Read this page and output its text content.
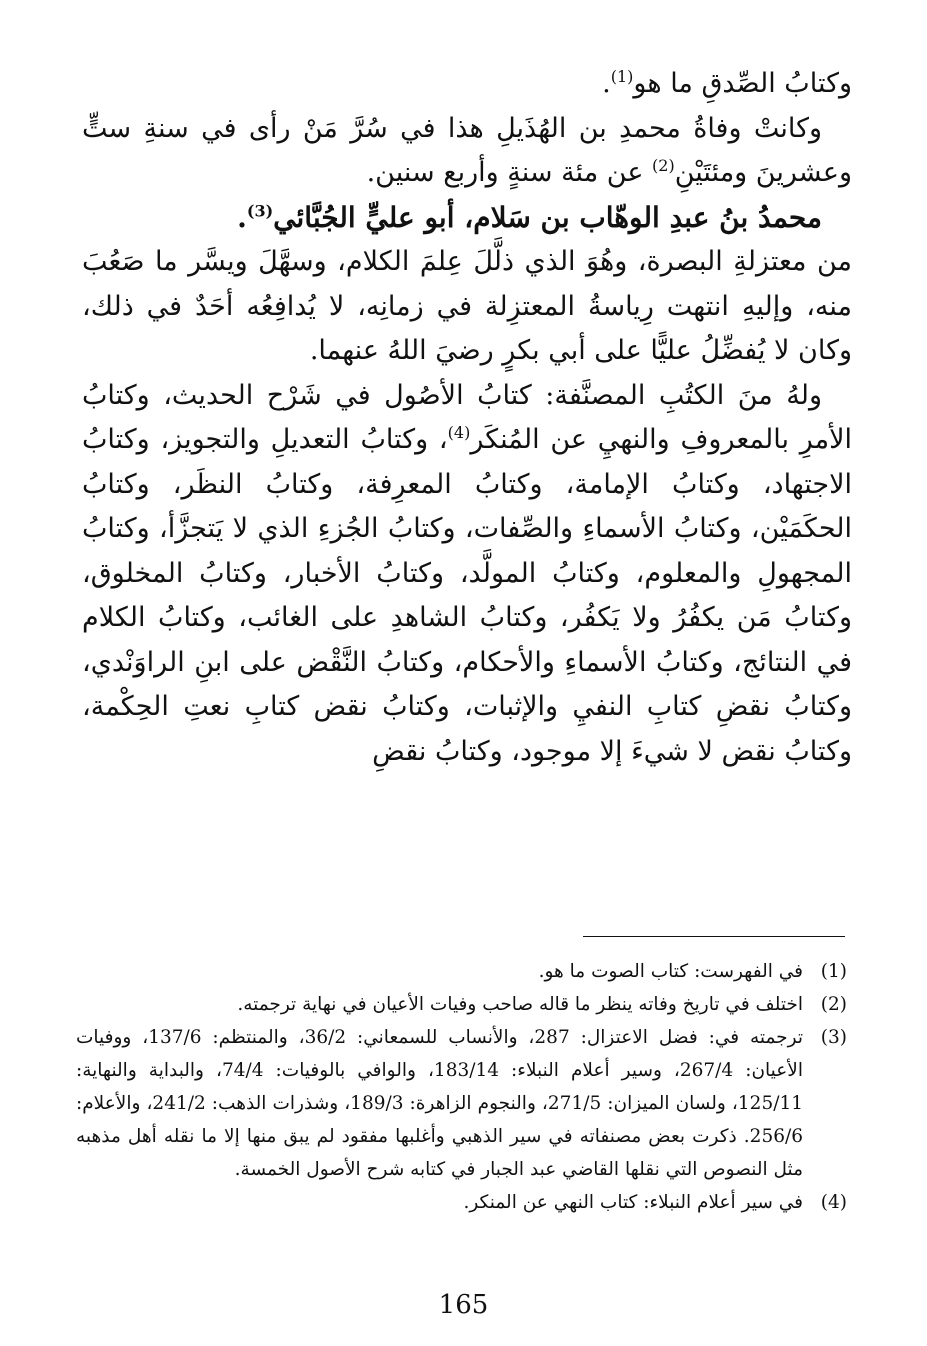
وكتابُ الصِّدقِ ما هو$^{(1)}$.

وكانتْ وفاةُ محمدِ بن الهُذَيلِ هذا في سُرَّ مَنْ رأى في سنةِ ستٍّ وعشرينَ ومئتَيْنِ$^{(2)}$ عن مئة سنةٍ وأربع سنين.

محمدُ بنُ عبدِ الوهّاب بن سَلام، أبو عليٍّ الجُبَّائي$^{(3)}$.

من معتزلةِ البصرة، وهُوَ الذي ذلَّلَ عِلمَ الكلام، وسهَّلَ ويسَّر ما صَعُبَ منه، وإليهِ انتهت رِياسةُ المعتزِلة في زمانِه، لا يُدافِعُه أحَدٌ في ذلك، وكان لا يُفضِّلُ عليًّا على أبي بكرٍ رضيَ اللهُ عنهما.

ولهُ منَ الكتُبِ المصنَّفة: كتابُ الأصُول في شَرْح الحديث، وكتابُ الأمرِ بالمعروفِ والنهيِ عن المُنكَر$^{(4)}$، وكتابُ التعديلِ والتجويز، وكتابُ الاجتهاد، وكتابُ الإمامة، وكتابُ المعرِفة، وكتابُ النظَر، وكتابُ الحكَمَيْن، وكتابُ الأسماءِ والصِّفات، وكتابُ الجُزءِ الذي لا يَتجزَّأ، وكتابُ المجهولِ والمعلوم، وكتابُ المولَّد، وكتابُ الأخبار، وكتابُ المخلوق، وكتابُ مَن يكفُرُ ولا يَكفُر، وكتابُ الشاهدِ على الغائب، وكتابُ الكلام في النتائج، وكتابُ الأسماءِ والأحكام، وكتابُ النَّقْض على ابنِ الراوَنْدي، وكتابُ نقضِ كتابِ النفيِ والإثبات، وكتابُ نقض كتابِ نعتِ الحِكْمة، وكتابُ نقض لا شيءَ إلا موجود، وكتابُ نقضِ

(1)
في الفهرست: كتاب الصوت ما هو.
(2)
اختلف في تاريخ وفاته ينظر ما قاله صاحب وفيات الأعيان في نهاية ترجمته.
(3)
ترجمته في: فضل الاعتزال: 287، والأنساب للسمعاني: 36/2، والمنتظم: 137/6، ووفيات الأعيان: 267/4، وسير أعلام النبلاء: 183/14، والوافي بالوفيات: 74/4، والبداية والنهاية: 125/11، ولسان الميزان: 271/5، والنجوم الزاهرة: 189/3، وشذرات الذهب: 241/2، والأعلام: 256/6. ذكرت بعض مصنفاته في سير الذهبي وأغلبها مفقود لم يبق منها إلا ما نقله أهل مذهبه مثل النصوص التي نقلها القاضي عبد الجبار في كتابه شرح الأصول الخمسة.
(4)
في سير أعلام النبلاء: كتاب النهي عن المنكر.
165
